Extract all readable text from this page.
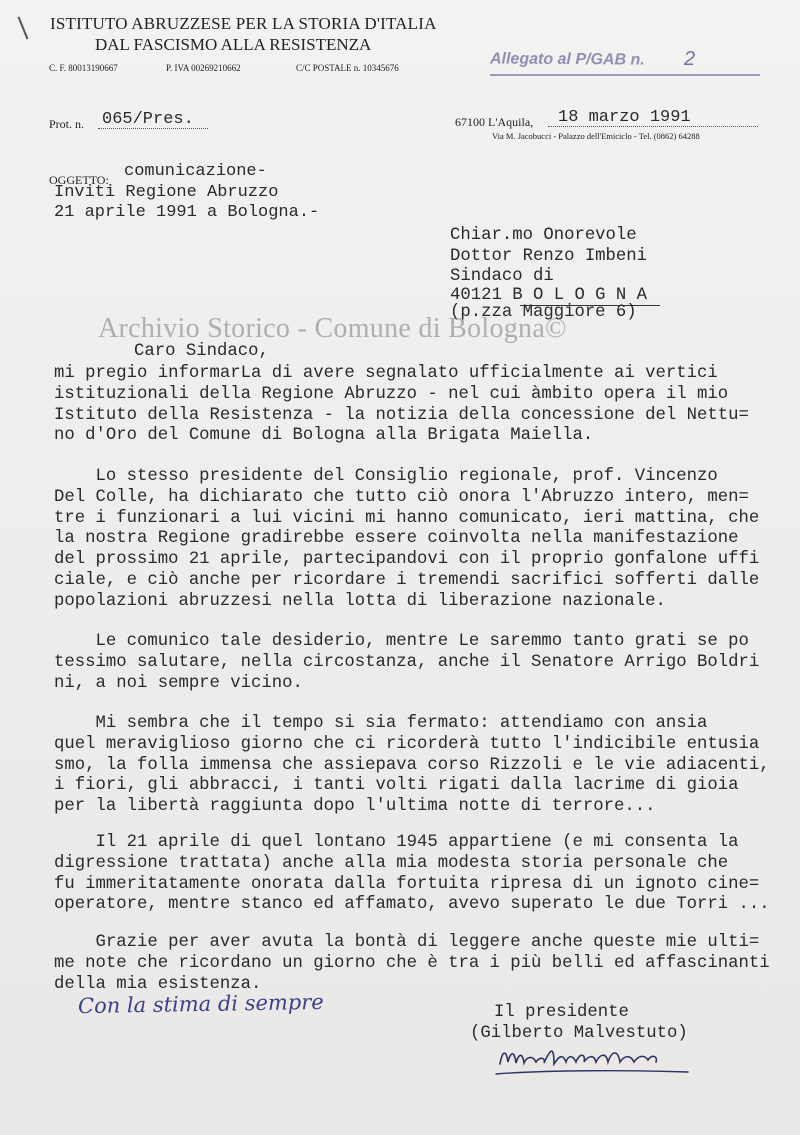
ISTITUTO ABRUZZESE PER LA STORIA D'ITALIA
DAL FASCISMO ALLA RESISTENZA
C. F. 80013190667	P. IVA 00269210662	C/C POSTALE n. 10345676	Allegato al P/GAB n. 2
Prot. n. 065/Pres.	67100 L'Aquila, 18 marzo 1991
Via M. Jacobucci - Palazzo dell'Emiciclo - Tel. (0862) 64288
OGGETTO: comunicazione-
Inviti Regione Abruzzo
21 aprile 1991 a Bologna.-
Chiar.mo Onorevole
Dottor Renzo Imbeni
Sindaco di
40121 B O L O G N A
(p.zza Maggiore 6)
Archivio Storico - Comune di Bologna©
Caro Sindaco,
mi pregio informarLa di avere segnalato ufficialmente ai vertici
istituzionali della Regione Abruzzo - nel cui àmbito opera il mio
Istituto della Resistenza - la notizia della concessione del Nettu=
no d'Oro del Comune di Bologna alla Brigata Maiella.
Lo stesso presidente del Consiglio regionale, prof. Vincenzo
Del Colle, ha dichiarato che tutto ciò onora l'Abruzzo intero, men=
tre i funzionari a lui vicini mi hanno comunicato, ieri mattina, che
la nostra Regione gradirebbe essere coinvolta nella manifestazione
del prossimo 21 aprile, partecipandovi con il proprio gonfalone uffi
ciale, e ciò anche per ricordare i tremendi sacrifici sofferti dalle
popolazioni abruzzesi nella lotta di liberazione nazionale.
Le comunico tale desiderio, mentre Le saremmo tanto grati se po
tessimo salutare, nella circostanza, anche il Senatore Arrigo Boldri
ni, a noi sempre vicino.
Mi sembra che il tempo si sia fermato: attendiamo con ansia
quel meraviglioso giorno che ci ricorderà tutto l'indicibile entusia
smo, la folla immensa che assiepava corso Rizzoli e le vie adiacenti,
i fiori, gli abbracci, i tanti volti rigati dalla lacrime di gioia
per la libertà raggiunta dopo l'ultima notte di terrore...
Il 21 aprile di quel lontano 1945 appartiene (e mi consenta la
digressione trattata) anche alla mia modesta storia personale che
fu immeritatamente onorata dalla fortuita ripresa di un ignoto cine=
operatore, mentre stanco ed affamato, avevo superato le due Torri ...
Grazie per aver avuta la bontà di leggere anche queste mie ulti=
me note che ricordano un giorno che è tra i più belli ed affascinanti
della mia esistenza.
Con la stima di sempre	Il presidente
(Gilberto Malvestuto)
